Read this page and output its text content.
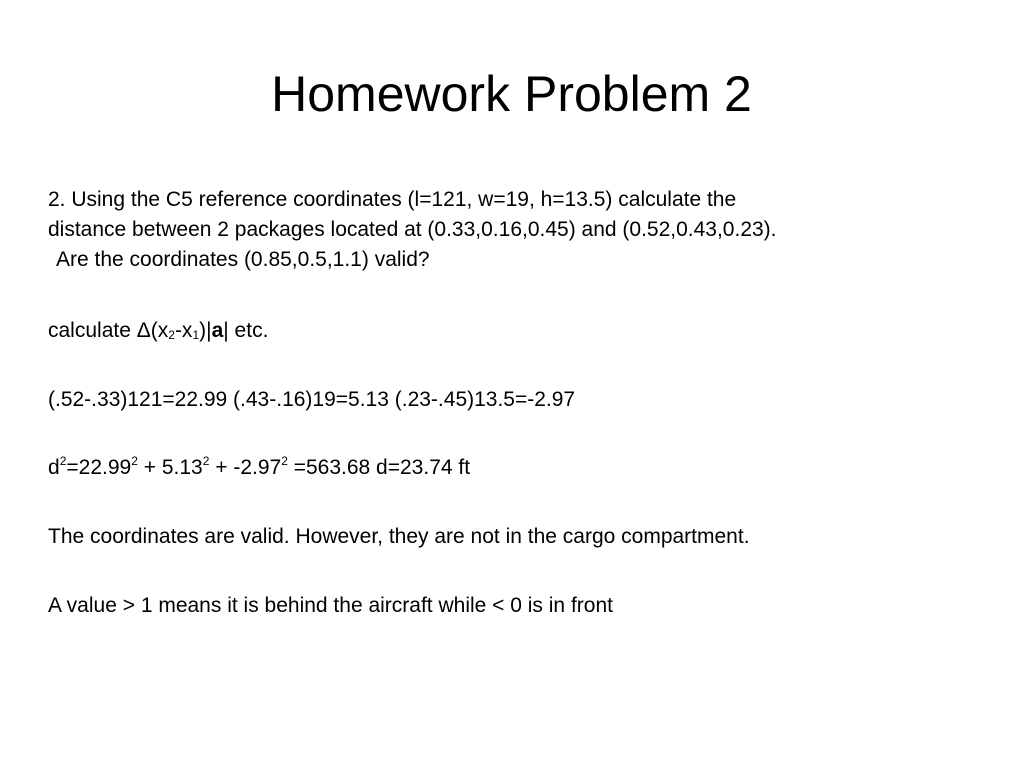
Homework Problem 2

2. Using the C5 reference coordinates (l=121, w=19, h=13.5) calculate the
distance between 2 packages located at (0.33,0.16,0.45) and (0.52,0.43,0.23).
Are the coordinates (0.85,0.5,1.1) valid?

calculate $\Delta(x_2-x_1)|a|$ etc.

(.52-.33)121=22.99 (.43-.16)19=5.13 (.23-.45)13.5=-2.97

$d^2=22.99^2 + 5.13^2 + -2.97^2 =563.68$ d=23.74 ft

The coordinates are valid. However, they are not in the cargo compartment.

A value > 1 means it is behind the aircraft while < 0 is in front
